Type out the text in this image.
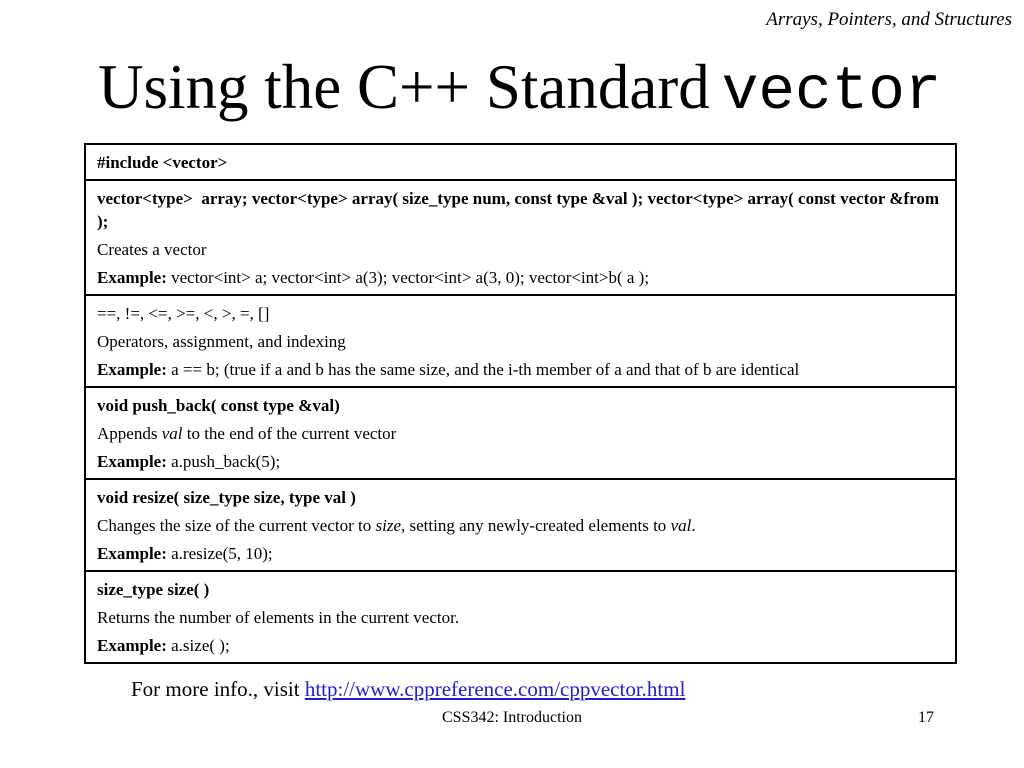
Arrays, Pointers, and Structures
Using the C++ Standard vector

#include <vector>

vector<type>  array; vector<type> array( size_type num, const type &val ); vector<type> array( const vector &from );

Creates a vector

Example: vector<int> a; vector<int> a(3); vector<int> a(3, 0); vector<int>b( a );

==, !=, <=, >=, <, >, =, []

Operators, assignment, and indexing

Example: a == b; (true if a and b has the same size, and the i-th member of a and that of b are identical

void push_back( const type &val)

Appends val to the end of the current vector

Example: a.push_back(5);

void resize( size_type size, type val )

Changes the size of the current vector to size, setting any newly-created elements to val.

Example: a.resize(5, 10);

size_type size( )

Returns the number of elements in the current vector.

Example: a.size( );

For more info., visit http://www.cppreference.com/cppvector.html
CSS342: Introduction	17
